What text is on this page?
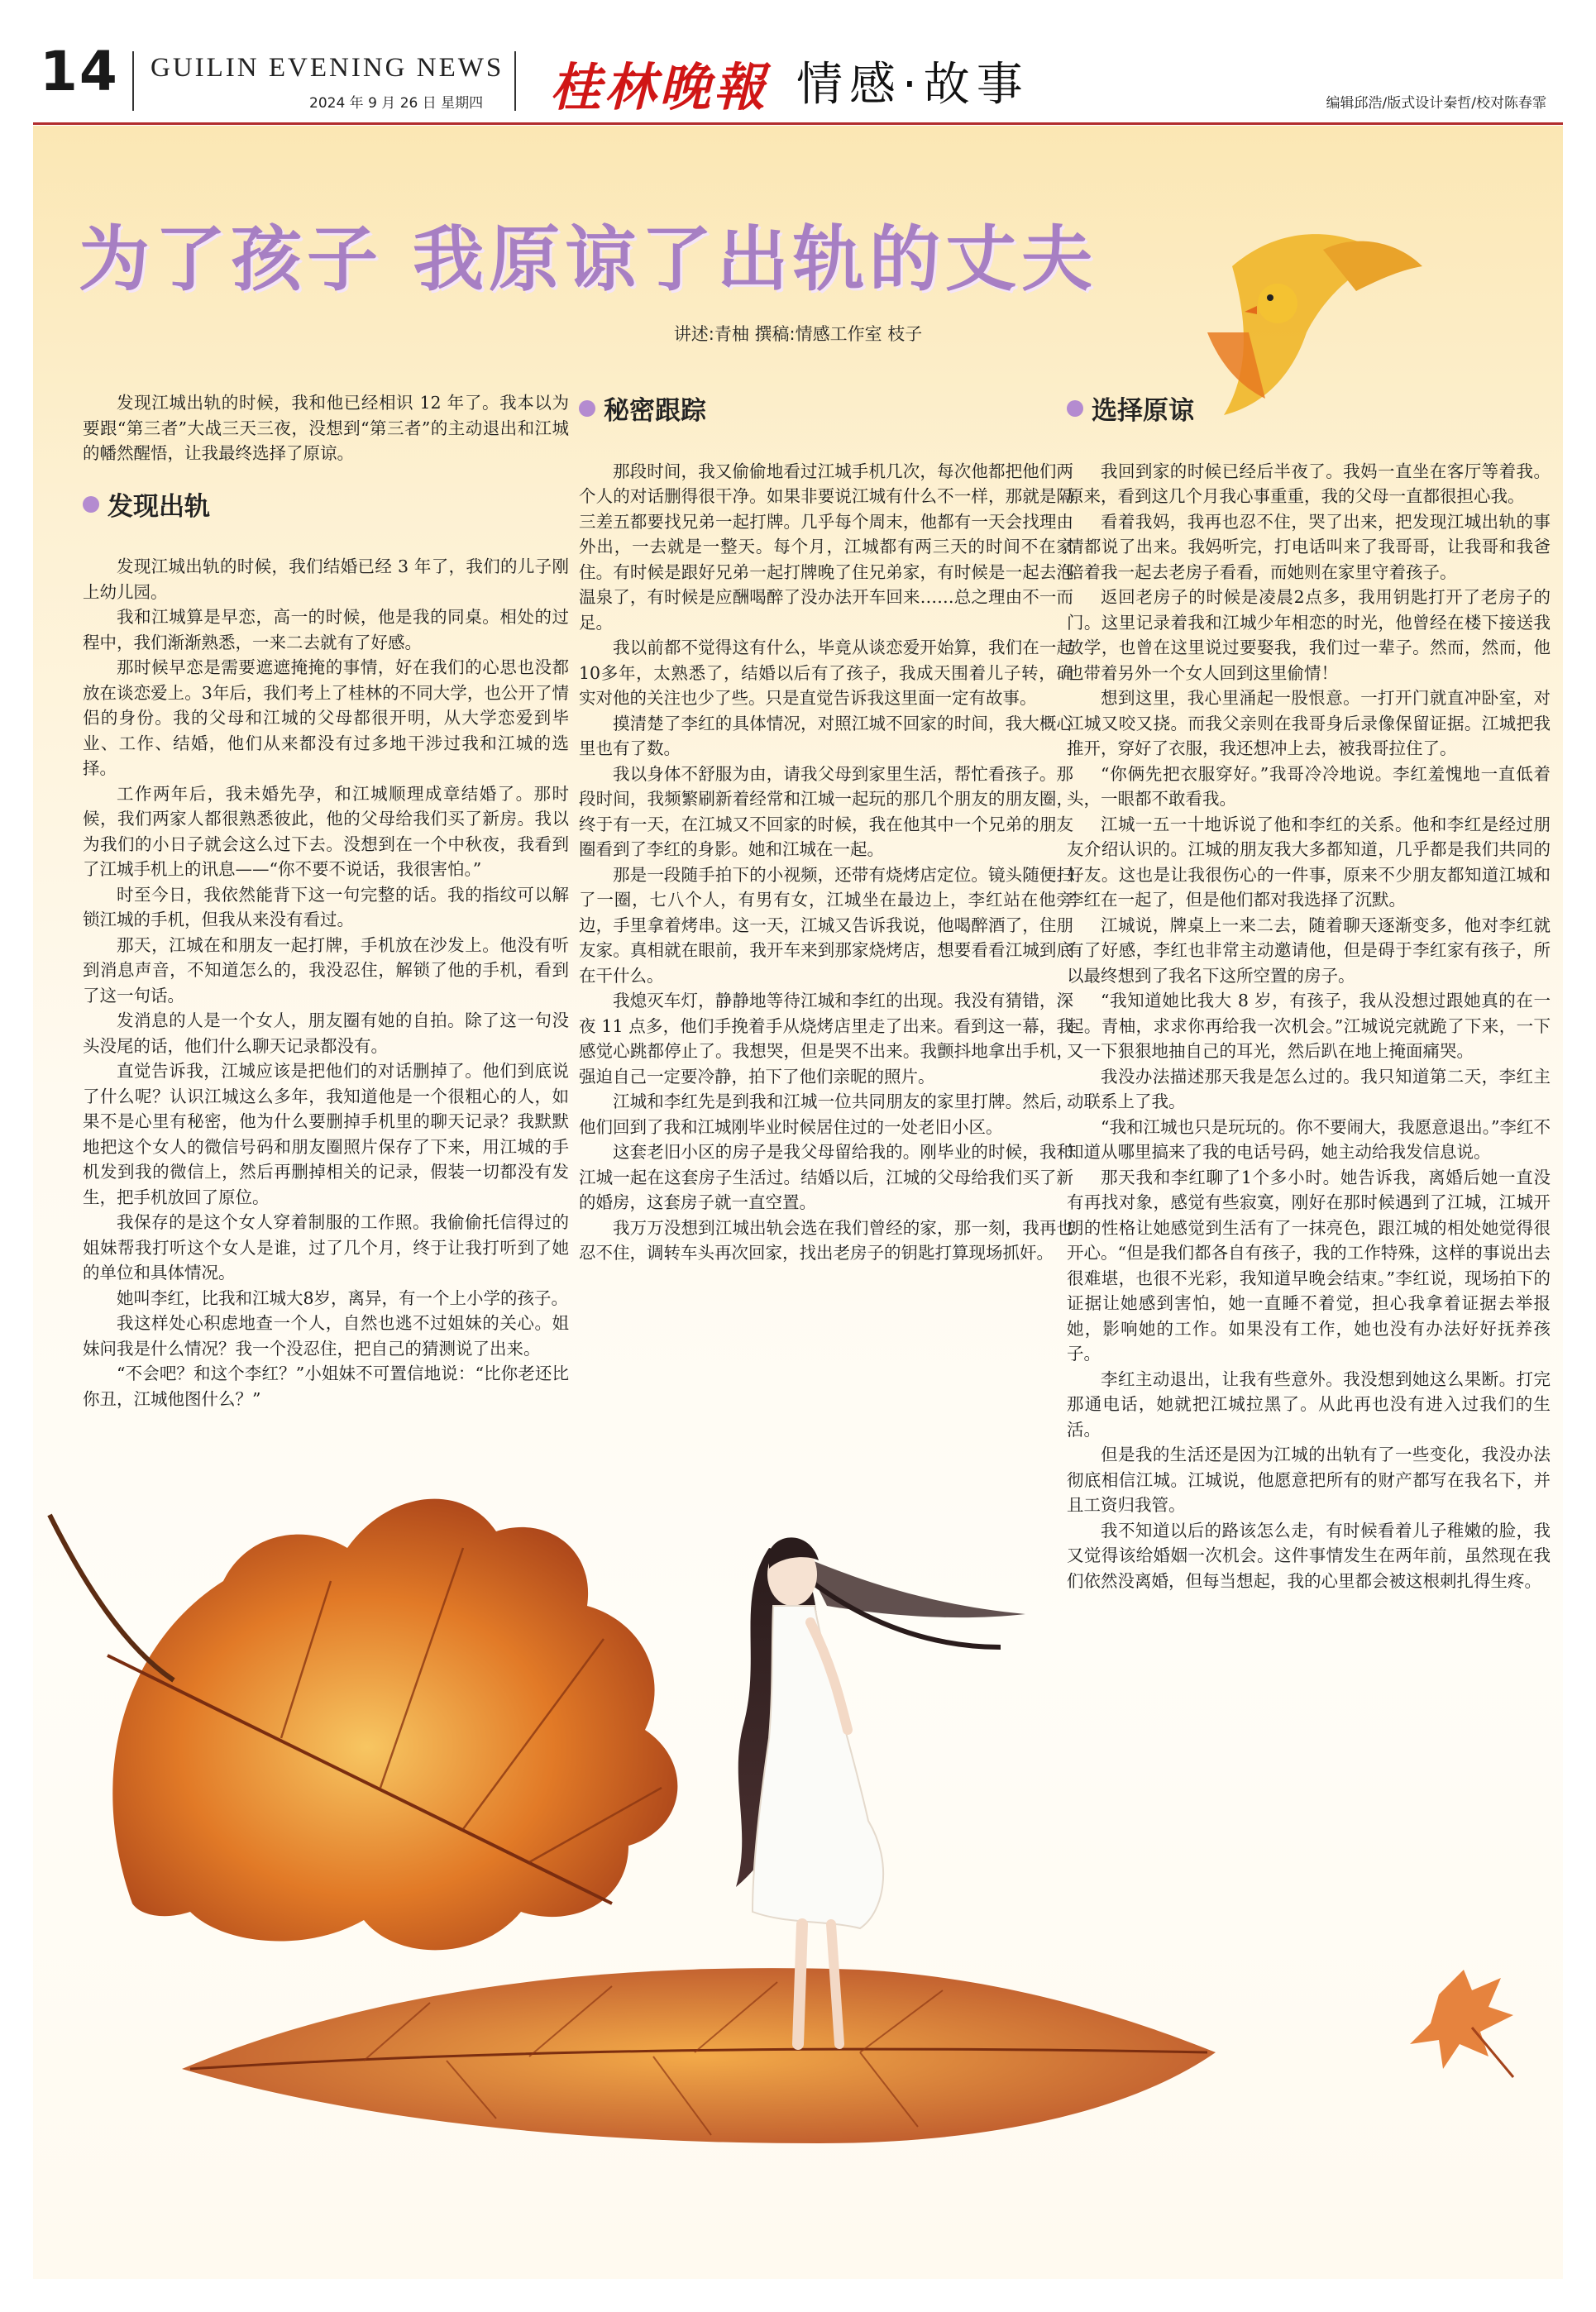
14 GUILIN EVENING NEWS
2024 年 9 月 26 日 星期四 桂林晚報 情感·故事	编辑邱浩/版式设计秦哲/校对陈春霏
为了孩子 我原谅了出轨的丈夫
讲述:青柚 撰稿:情感工作室 枝子

发现江城出轨的时候，我和他已经相识 12 年了。我本以为要跟“第三者”大战三天三夜，没想到“第三者”的主动退出和江城的幡然醒悟，让我最终选择了原谅。

发现出轨

发现江城出轨的时候，我们结婚已经 3 年了，我们的儿子刚上幼儿园。

我和江城算是早恋，高一的时候，他是我的同桌。相处的过程中，我们渐渐熟悉，一来二去就有了好感。

那时候早恋是需要遮遮掩掩的事情，好在我们的心思也没都放在谈恋爱上。3年后，我们考上了桂林的不同大学，也公开了情侣的身份。我的父母和江城的父母都很开明，从大学恋爱到毕业、工作、结婚，他们从来都没有过多地干涉过我和江城的选择。

工作两年后，我未婚先孕，和江城顺理成章结婚了。那时候，我们两家人都很熟悉彼此，他的父母给我们买了新房。我以为我们的小日子就会这么过下去。没想到在一个中秋夜，我看到了江城手机上的讯息——“你不要不说话，我很害怕。”

时至今日，我依然能背下这一句完整的话。我的指纹可以解锁江城的手机，但我从来没有看过。

那天，江城在和朋友一起打牌，手机放在沙发上。他没有听到消息声音，不知道怎么的，我没忍住，解锁了他的手机，看到了这一句话。

发消息的人是一个女人，朋友圈有她的自拍。除了这一句没头没尾的话，他们什么聊天记录都没有。

直觉告诉我，江城应该是把他们的对话删掉了。他们到底说了什么呢？认识江城这么多年，我知道他是一个很粗心的人，如果不是心里有秘密，他为什么要删掉手机里的聊天记录？我默默地把这个女人的微信号码和朋友圈照片保存了下来，用江城的手机发到我的微信上，然后再删掉相关的记录，假装一切都没有发生，把手机放回了原位。

我保存的是这个女人穿着制服的工作照。我偷偷托信得过的姐妹帮我打听这个女人是谁，过了几个月，终于让我打听到了她的单位和具体情况。

她叫李红，比我和江城大8岁，离异，有一个上小学的孩子。

我这样处心积虑地查一个人，自然也逃不过姐妹的关心。姐妹问我是什么情况？我一个没忍住，把自己的猜测说了出来。

“不会吧？和这个李红？”小姐妹不可置信地说：“比你老还比你丑，江城他图什么？”

秘密跟踪

那段时间，我又偷偷地看过江城手机几次，每次他都把他们两个人的对话删得很干净。如果非要说江城有什么不一样，那就是隔三差五都要找兄弟一起打牌。几乎每个周末，他都有一天会找理由外出，一去就是一整天。每个月，江城都有两三天的时间不在家住。有时候是跟好兄弟一起打牌晚了住兄弟家，有时候是一起去泡温泉了，有时候是应酬喝醉了没办法开车回来……总之理由不一而足。

我以前都不觉得这有什么，毕竟从谈恋爱开始算，我们在一起10多年，太熟悉了，结婚以后有了孩子，我成天围着儿子转，确实对他的关注也少了些。只是直觉告诉我这里面一定有故事。

摸清楚了李红的具体情况，对照江城不回家的时间，我大概心里也有了数。

我以身体不舒服为由，请我父母到家里生活，帮忙看孩子。那段时间，我频繁刷新着经常和江城一起玩的那几个朋友的朋友圈，终于有一天，在江城又不回家的时候，我在他其中一个兄弟的朋友圈看到了李红的身影。她和江城在一起。

那是一段随手拍下的小视频，还带有烧烤店定位。镜头随便扫了一圈，七八个人，有男有女，江城坐在最边上，李红站在他旁边，手里拿着烤串。这一天，江城又告诉我说，他喝醉酒了，住朋友家。真相就在眼前，我开车来到那家烧烤店，想要看看江城到底在干什么。

我熄灭车灯，静静地等待江城和李红的出现。我没有猜错，深夜 11 点多，他们手挽着手从烧烤店里走了出来。看到这一幕，我感觉心跳都停止了。我想哭，但是哭不出来。我颤抖地拿出手机，强迫自己一定要冷静，拍下了他们亲昵的照片。

江城和李红先是到我和江城一位共同朋友的家里打牌。然后，他们回到了我和江城刚毕业时候居住过的一处老旧小区。

这套老旧小区的房子是我父母留给我的。刚毕业的时候，我和江城一起在这套房子生活过。结婚以后，江城的父母给我们买了新的婚房，这套房子就一直空置。

我万万没想到江城出轨会选在我们曾经的家，那一刻，我再也忍不住，调转车头再次回家，找出老房子的钥匙打算现场抓奸。

选择原谅

我回到家的时候已经后半夜了。我妈一直坐在客厅等着我。原来，看到这几个月我心事重重，我的父母一直都很担心我。

看着我妈，我再也忍不住，哭了出来，把发现江城出轨的事情都说了出来。我妈听完，打电话叫来了我哥哥，让我哥和我爸陪着我一起去老房子看看，而她则在家里守着孩子。

返回老房子的时候是凌晨2点多，我用钥匙打开了老房子的门。这里记录着我和江城少年相恋的时光，他曾经在楼下接送我放学，也曾在这里说过要娶我，我们过一辈子。然而，然而，他也带着另外一个女人回到这里偷情！

想到这里，我心里涌起一股恨意。一打开门就直冲卧室，对江城又咬又挠。而我父亲则在我哥身后录像保留证据。江城把我推开，穿好了衣服，我还想冲上去，被我哥拉住了。

“你俩先把衣服穿好。”我哥冷冷地说。李红羞愧地一直低着头，一眼都不敢看我。

江城一五一十地诉说了他和李红的关系。他和李红是经过朋友介绍认识的。江城的朋友我大多都知道，几乎都是我们共同的好友。这也是让我很伤心的一件事，原来不少朋友都知道江城和李红在一起了，但是他们都对我选择了沉默。

江城说，牌桌上一来二去，随着聊天逐渐变多，他对李红就有了好感，李红也非常主动邀请他，但是碍于李红家有孩子，所以最终想到了我名下这所空置的房子。

“我知道她比我大 8 岁，有孩子，我从没想过跟她真的在一起。青柚，求求你再给我一次机会。”江城说完就跪了下来，一下又一下狠狠地抽自己的耳光，然后趴在地上掩面痛哭。

我没办法描述那天我是怎么过的。我只知道第二天，李红主动联系上了我。

“我和江城也只是玩玩的。你不要闹大，我愿意退出。”李红不知道从哪里搞来了我的电话号码，她主动给我发信息说。

那天我和李红聊了1个多小时。她告诉我，离婚后她一直没有再找对象，感觉有些寂寞，刚好在那时候遇到了江城，江城开朗的性格让她感觉到生活有了一抹亮色，跟江城的相处她觉得很开心。“但是我们都各自有孩子，我的工作特殊，这样的事说出去很难堪，也很不光彩，我知道早晚会结束。”李红说，现场拍下的证据让她感到害怕，她一直睡不着觉，担心我拿着证据去举报她，影响她的工作。如果没有工作，她也没有办法好好抚养孩子。

李红主动退出，让我有些意外。我没想到她这么果断。打完那通电话，她就把江城拉黑了。从此再也没有进入过我们的生活。

但是我的生活还是因为江城的出轨有了一些变化，我没办法彻底相信江城。江城说，他愿意把所有的财产都写在我名下，并且工资归我管。

我不知道以后的路该怎么走，有时候看着儿子稚嫩的脸，我又觉得该给婚姻一次机会。这件事情发生在两年前，虽然现在我们依然没离婚，但每当想起，我的心里都会被这根刺扎得生疼。
